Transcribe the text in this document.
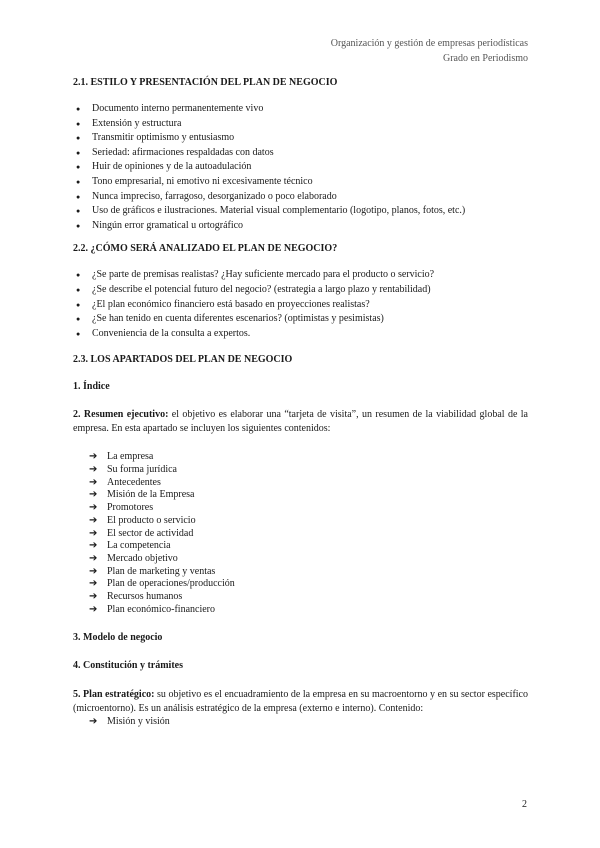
Organización y gestión de empresas periodísticas
Grado en Periodismo
2.1. ESTILO Y PRESENTACIÓN DEL PLAN DE NEGOCIO
● Documento interno permanentemente vivo
● Extensión y estructura
● Transmitir optimismo y entusiasmo
● Seriedad: afirmaciones respaldadas con datos
● Huir de opiniones y de la autoadulación
● Tono empresarial, ni emotivo ni excesivamente técnico
● Nunca impreciso, farragoso, desorganizado o poco elaborado
● Uso de gráficos e ilustraciones. Material visual complementario (logotipo, planos, fotos, etc.)
● Ningún error gramatical u ortográfico
2.2. ¿CÓMO SERÁ ANALIZADO EL PLAN DE NEGOCIO?
● ¿Se parte de premisas realistas? ¿Hay suficiente mercado para el producto o servicio?
● ¿Se describe el potencial futuro del negocio? (estrategia a largo plazo y rentabilidad)
● ¿El plan económico financiero está basado en proyecciones realistas?
● ¿Se han tenido en cuenta diferentes escenarios? (optimistas y pesimistas)
● Conveniencia de la consulta a expertos.
2.3. LOS APARTADOS DEL PLAN DE NEGOCIO
1. Índice

2. Resumen ejecutivo: el objetivo es elaborar una “tarjeta de visita”, un resumen de la viabilidad global de la empresa. En esta apartado se incluyen los siguientes contenidos:

➔ La empresa
➔ Su forma jurídica
➔ Antecedentes
➔ Misión de la Empresa
➔ Promotores
➔ El producto o servicio
➔ El sector de actividad
➔ La competencia
➔ Mercado objetivo
➔ Plan de marketing y ventas
➔ Plan de operaciones/producción
➔ Recursos humanos
➔ Plan económico-financiero
3. Modelo de negocio
4. Constitución y trámites

5. Plan estratégico: su objetivo es el encuadramiento de la empresa en su macroentorno y en su sector específico (microentorno). Es un análisis estratégico de la empresa (externo e interno). Contenido:

➔ Misión y visión
2
